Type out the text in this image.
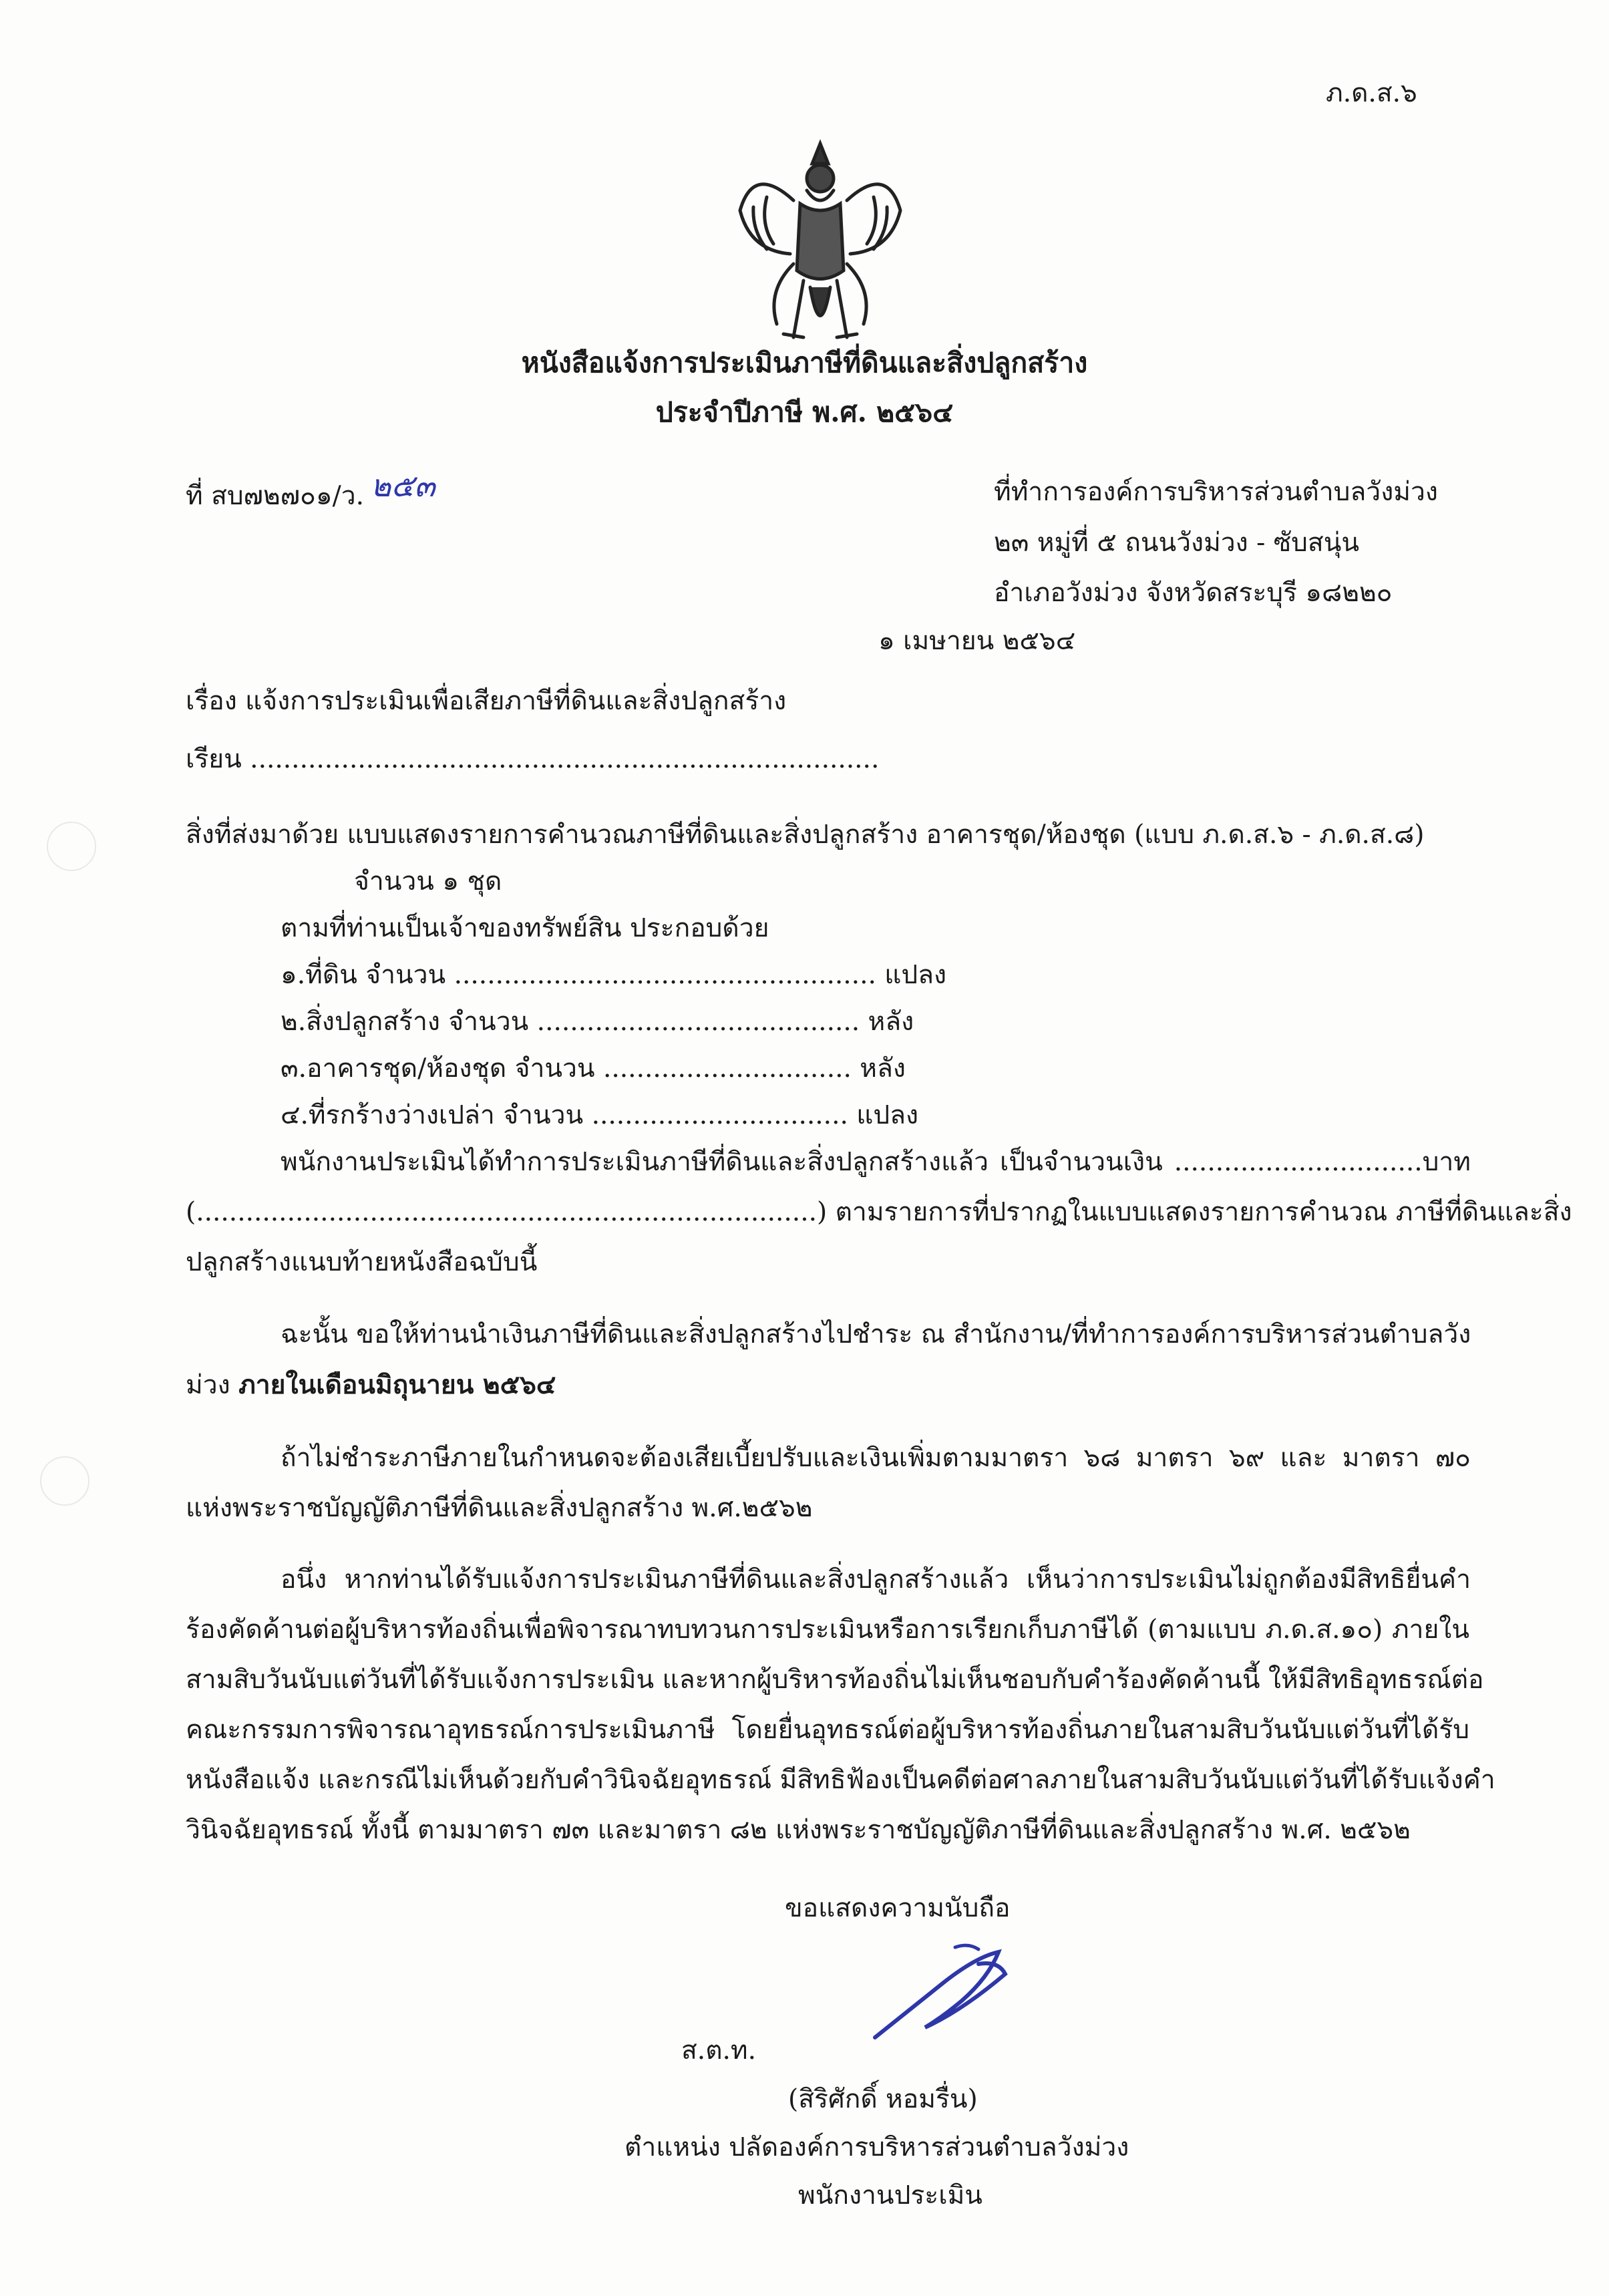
ภ.ด.ส.๖
หนังสือแจ้งการประเมินภาษีที่ดินและสิ่งปลูกสร้าง
ประจำปีภาษี พ.ศ. ๒๕๖๔
ที่ สบ๗๒๗๐๑/ว. ๒๕๓	ที่ทำการองค์การบริหารส่วนตำบลวังม่วง
๒๓ หมู่ที่ ๕ ถนนวังม่วง - ซับสนุ่น
อำเภอวังม่วง จังหวัดสระบุรี ๑๘๒๒๐
๑ เมษายน ๒๕๖๔
เรื่อง แจ้งการประเมินเพื่อเสียภาษีที่ดินและสิ่งปลูกสร้าง
เรียน ............................................................................
สิ่งที่ส่งมาด้วย แบบแสดงรายการคำนวณภาษีที่ดินและสิ่งปลูกสร้าง อาคารชุด/ห้องชุด (แบบ ภ.ด.ส.๖ - ภ.ด.ส.๘)
จำนวน ๑ ชุด
ตามที่ท่านเป็นเจ้าของทรัพย์สิน ประกอบด้วย
๑.ที่ดิน จำนวน ................................................... แปลง
๒.สิ่งปลูกสร้าง จำนวน ....................................... หลัง
๓.อาคารชุด/ห้องชุด จำนวน .............................. หลัง
๔.ที่รกร้างว่างเปล่า จำนวน ............................... แปลง
พนักงานประเมินได้ทำการประเมินภาษีที่ดินและสิ่งปลูกสร้างแล้ว เป็นจำนวนเงิน ..............................บาท
(...........................................................................) ตามรายการที่ปรากฏในแบบแสดงรายการคำนวณ ภาษีที่ดินและสิ่ง
ปลูกสร้างแนบท้ายหนังสือฉบับนี้
ฉะนั้น ขอให้ท่านนำเงินภาษีที่ดินและสิ่งปลูกสร้างไปชำระ ณ สำนักงาน/ที่ทำการองค์การบริหารส่วนตำบลวัง
ม่วง ภายในเดือนมิถุนายน ๒๕๖๔
ถ้าไม่ชำระภาษีภายในกำหนดจะต้องเสียเบี้ยปรับและเงินเพิ่มตามมาตรา ๖๘ มาตรา ๖๙ และ มาตรา ๗๐
แห่งพระราชบัญญัติภาษีที่ดินและสิ่งปลูกสร้าง พ.ศ.๒๕๖๒
อนึ่ง หากท่านได้รับแจ้งการประเมินภาษีที่ดินและสิ่งปลูกสร้างแล้ว เห็นว่าการประเมินไม่ถูกต้องมีสิทธิยื่นคำ
ร้องคัดค้านต่อผู้บริหารท้องถิ่นเพื่อพิจารณาทบทวนการประเมินหรือการเรียกเก็บภาษีได้ (ตามแบบ ภ.ด.ส.๑๐) ภายใน
สามสิบวันนับแต่วันที่ได้รับแจ้งการประเมิน และหากผู้บริหารท้องถิ่นไม่เห็นชอบกับคำร้องคัดค้านนี้ ให้มีสิทธิอุทธรณ์ต่อ
คณะกรรมการพิจารณาอุทธรณ์การประเมินภาษี โดยยื่นอุทธรณ์ต่อผู้บริหารท้องถิ่นภายในสามสิบวันนับแต่วันที่ได้รับ
หนังสือแจ้ง และกรณีไม่เห็นด้วยกับคำวินิจฉัยอุทธรณ์ มีสิทธิฟ้องเป็นคดีต่อศาลภายในสามสิบวันนับแต่วันที่ได้รับแจ้งคำ
วินิจฉัยอุทธรณ์ ทั้งนี้ ตามมาตรา ๗๓ และมาตรา ๘๒ แห่งพระราชบัญญัติภาษีที่ดินและสิ่งปลูกสร้าง พ.ศ. ๒๕๖๒
ขอแสดงความนับถือ
ส.ต.ท.
(สิริศักดิ์ หอมรื่น)
ตำแหน่ง ปลัดองค์การบริหารส่วนตำบลวังม่วง
พนักงานประเมิน
